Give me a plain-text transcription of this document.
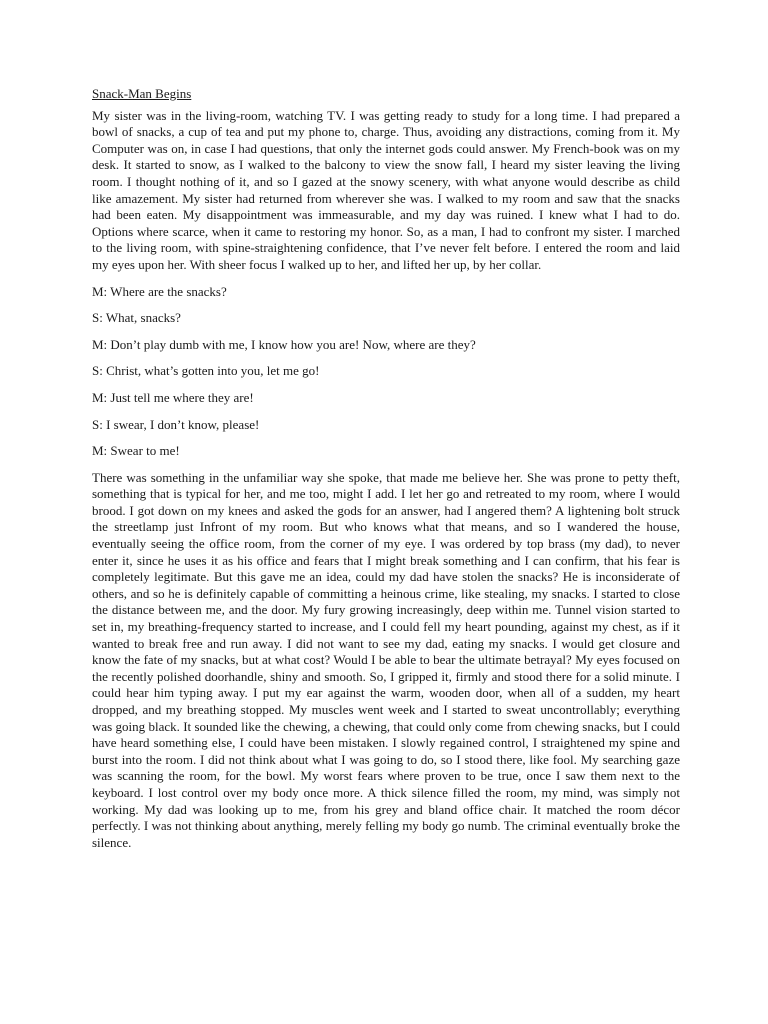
Snack-Man Begins
My sister was in the living-room, watching TV. I was getting ready to study for a long time. I had prepared a bowl of snacks, a cup of tea and put my phone to, charge. Thus, avoiding any distractions, coming from it. My Computer was on, in case I had questions, that only the internet gods could answer. My French-book was on my desk. It started to snow, as I walked to the balcony to view the snow fall, I heard my sister leaving the living room. I thought nothing of it, and so I gazed at the snowy scenery, with what anyone would describe as child like amazement. My sister had returned from wherever she was. I walked to my room and saw that the snacks had been eaten. My disappointment was immeasurable, and my day was ruined. I knew what I had to do. Options where scarce, when it came to restoring my honor. So, as a man, I had to confront my sister. I marched to the living room, with spine-straightening confidence, that I’ve never felt before. I entered the room and laid my eyes upon her. With sheer focus I walked up to her, and lifted her up, by her collar.
M: Where are the snacks?
S: What, snacks?
M: Don’t play dumb with me, I know how you are! Now, where are they?
S: Christ, what’s gotten into you, let me go!
M: Just tell me where they are!
S: I swear, I don’t know, please!
M: Swear to me!
There was something in the unfamiliar way she spoke, that made me believe her. She was prone to petty theft, something that is typical for her, and me too, might I add. I let her go and retreated to my room, where I would brood. I got down on my knees and asked the gods for an answer, had I angered them? A lightening bolt struck the streetlamp just Infront of my room. But who knows what that means, and so I wandered the house, eventually seeing the office room, from the corner of my eye. I was ordered by top brass (my dad), to never enter it, since he uses it as his office and fears that I might break something and I can confirm, that his fear is completely legitimate. But this gave me an idea, could my dad have stolen the snacks? He is inconsiderate of others, and so he is definitely capable of committing a heinous crime, like stealing, my snacks. I started to close the distance between me, and the door. My fury growing increasingly, deep within me. Tunnel vision started to set in, my breathing-frequency started to increase, and I could fell my heart pounding, against my chest, as if it wanted to break free and run away. I did not want to see my dad, eating my snacks. I would get closure and know the fate of my snacks, but at what cost? Would I be able to bear the ultimate betrayal? My eyes focused on the recently polished doorhandle, shiny and smooth. So, I gripped it, firmly and stood there for a solid minute. I could hear him typing away. I put my ear against the warm, wooden door, when all of a sudden, my heart dropped, and my breathing stopped. My muscles went week and I started to sweat uncontrollably; everything was going black. It sounded like the chewing, a chewing, that could only come from chewing snacks, but I could have heard something else, I could have been mistaken. I slowly regained control, I straightened my spine and burst into the room. I did not think about what I was going to do, so I stood there, like fool. My searching gaze was scanning the room, for the bowl. My worst fears where proven to be true, once I saw them next to the keyboard. I lost control over my body once more. A thick silence filled the room, my mind, was simply not working. My dad was looking up to me, from his grey and bland office chair. It matched the room décor perfectly. I was not thinking about anything, merely felling my body go numb. The criminal eventually broke the silence.
